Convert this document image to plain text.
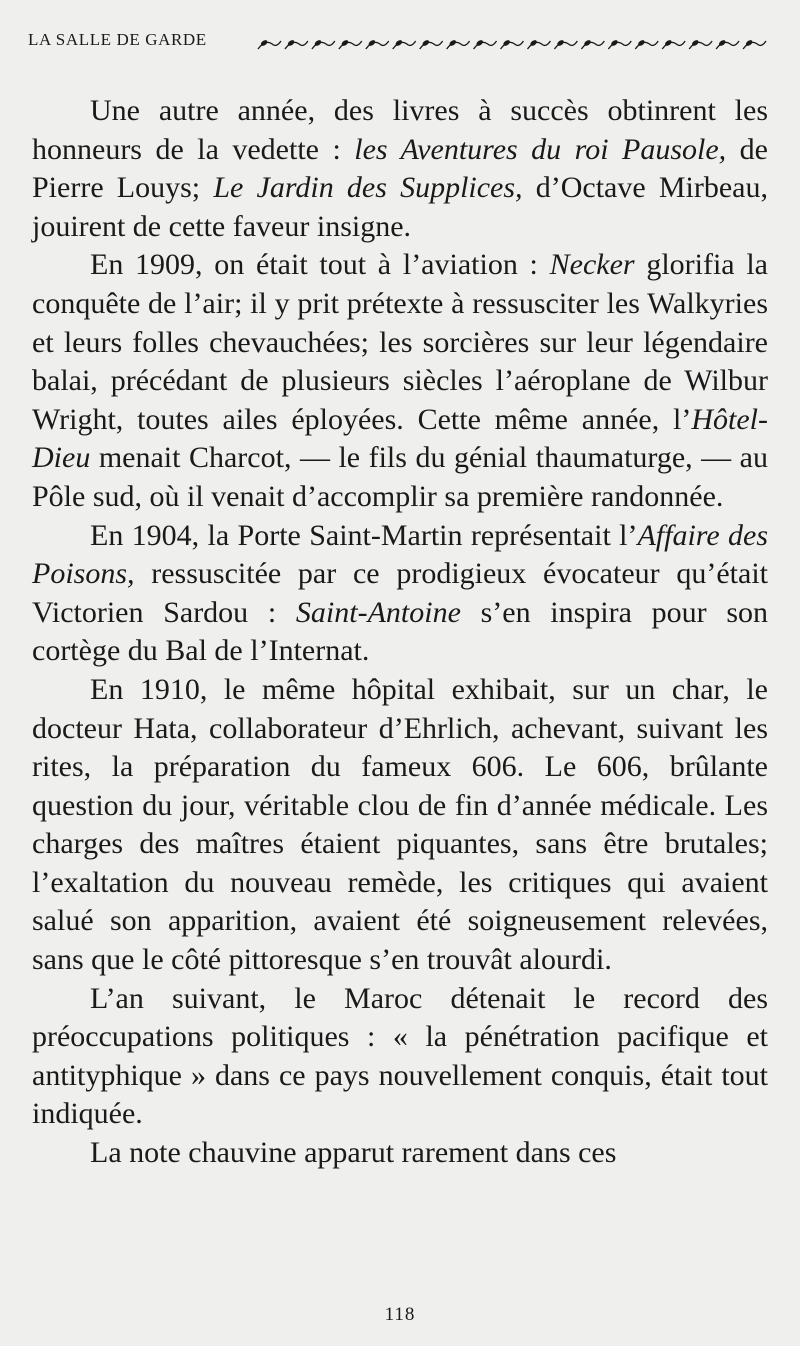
LA SALLE DE GARDE

Une autre année, des livres à succès obtinrent les honneurs de la vedette : les Aventures du roi Pausole, de Pierre Louys; Le Jardin des Supplices, d’Octave Mirbeau, jouirent de cette faveur insigne.

En 1909, on était tout à l’aviation : Necker glorifia la conquête de l’air; il y prit prétexte à ressusciter les Walkyries et leurs folles chevauchées; les sorcières sur leur légendaire balai, précédant de plusieurs siècles l’aéroplane de Wilbur Wright, toutes ailes éployées. Cette même année, l’Hôtel-Dieu menait Charcot, — le fils du génial thaumaturge, — au Pôle sud, où il venait d’accomplir sa première randonnée.

En 1904, la Porte Saint-Martin représentait l’Affaire des Poisons, ressuscitée par ce prodigieux évocateur qu’était Victorien Sardou : Saint-Antoine s’en inspira pour son cortège du Bal de l’Internat.

En 1910, le même hôpital exhibait, sur un char, le docteur Hata, collaborateur d’Ehrlich, achevant, suivant les rites, la préparation du fameux 606. Le 606, brûlante question du jour, véritable clou de fin d’année médicale. Les charges des maîtres étaient piquantes, sans être brutales; l’exaltation du nouveau remède, les critiques qui avaient salué son apparition, avaient été soigneusement relevées, sans que le côté pittoresque s’en trouvât alourdi.

L’an suivant, le Maroc détenait le record des préoccupations politiques : « la pénétration pacifique et antityphique » dans ce pays nouvellement conquis, était tout indiquée.

La note chauvine apparut rarement dans ces

118
